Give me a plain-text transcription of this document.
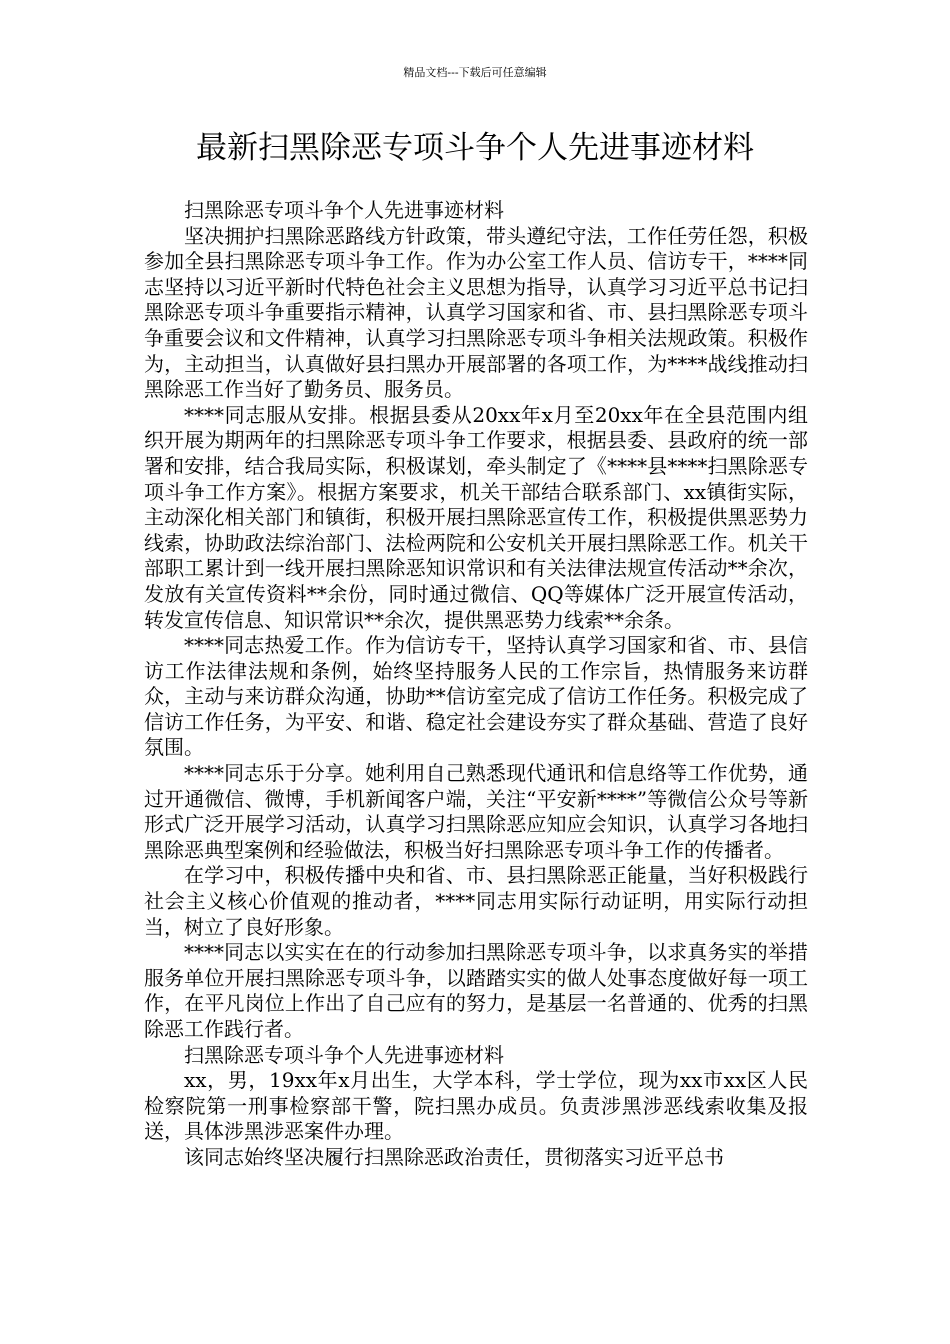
精品文档---下载后可任意编辑
最新扫黑除恶专项斗争个人先进事迹材料

扫黑除恶专项斗争个人先进事迹材料

坚决拥护扫黑除恶路线方针政策，带头遵纪守法，工作任劳任怨，积极参加全县扫黑除恶专项斗争工作。作为办公室工作人员、信访专干，****同志坚持以习近平新时代特色社会主义思想为指导，认真学习习近平总书记扫黑除恶专项斗争重要指示精神，认真学习国家和省、市、县扫黑除恶专项斗争重要会议和文件精神，认真学习扫黑除恶专项斗争相关法规政策。积极作为，主动担当，认真做好县扫黑办开展部署的各项工作，为****战线推动扫黑除恶工作当好了勤务员、服务员。

****同志服从安排。根据县委从20xx年x月至20xx年在全县范围内组织开展为期两年的扫黑除恶专项斗争工作要求，根据县委、县政府的统一部署和安排，结合我局实际，积极谋划，牵头制定了《****县****扫黑除恶专项斗争工作方案》。根据方案要求，机关干部结合联系部门、xx镇街实际，主动深化相关部门和镇街，积极开展扫黑除恶宣传工作，积极提供黑恶势力线索，协助政法综治部门、法检两院和公安机关开展扫黑除恶工作。机关干部职工累计到一线开展扫黑除恶知识常识和有关法律法规宣传活动**余次，发放有关宣传资料**余份，同时通过微信、QQ等媒体广泛开展宣传活动，转发宣传信息、知识常识**余次，提供黑恶势力线索**余条。

****同志热爱工作。作为信访专干，坚持认真学习国家和省、市、县信访工作法律法规和条例，始终坚持服务人民的工作宗旨，热情服务来访群众，主动与来访群众沟通，协助**信访室完成了信访工作任务。积极完成了信访工作任务，为平安、和谐、稳定社会建设夯实了群众基础、营造了良好氛围。

****同志乐于分享。她利用自己熟悉现代通讯和信息络等工作优势，通过开通微信、微博，手机新闻客户端，关注“平安新****”等微信公众号等新形式广泛开展学习活动，认真学习扫黑除恶应知应会知识，认真学习各地扫黑除恶典型案例和经验做法，积极当好扫黑除恶专项斗争工作的传播者。

在学习中，积极传播中央和省、市、县扫黑除恶正能量，当好积极践行社会主义核心价值观的推动者，****同志用实际行动证明，用实际行动担当，树立了良好形象。

****同志以实实在在的行动参加扫黑除恶专项斗争，以求真务实的举措服务单位开展扫黑除恶专项斗争，以踏踏实实的做人处事态度做好每一项工作，在平凡岗位上作出了自己应有的努力，是基层一名普通的、优秀的扫黑除恶工作践行者。

扫黑除恶专项斗争个人先进事迹材料

xx，男，19xx年x月出生，大学本科，学士学位，现为xx市xx区人民检察院第一刑事检察部干警，院扫黑办成员。负责涉黑涉恶线索收集及报送，具体涉黑涉恶案件办理。

该同志始终坚决履行扫黑除恶政治责任，贯彻落实习近平总书
